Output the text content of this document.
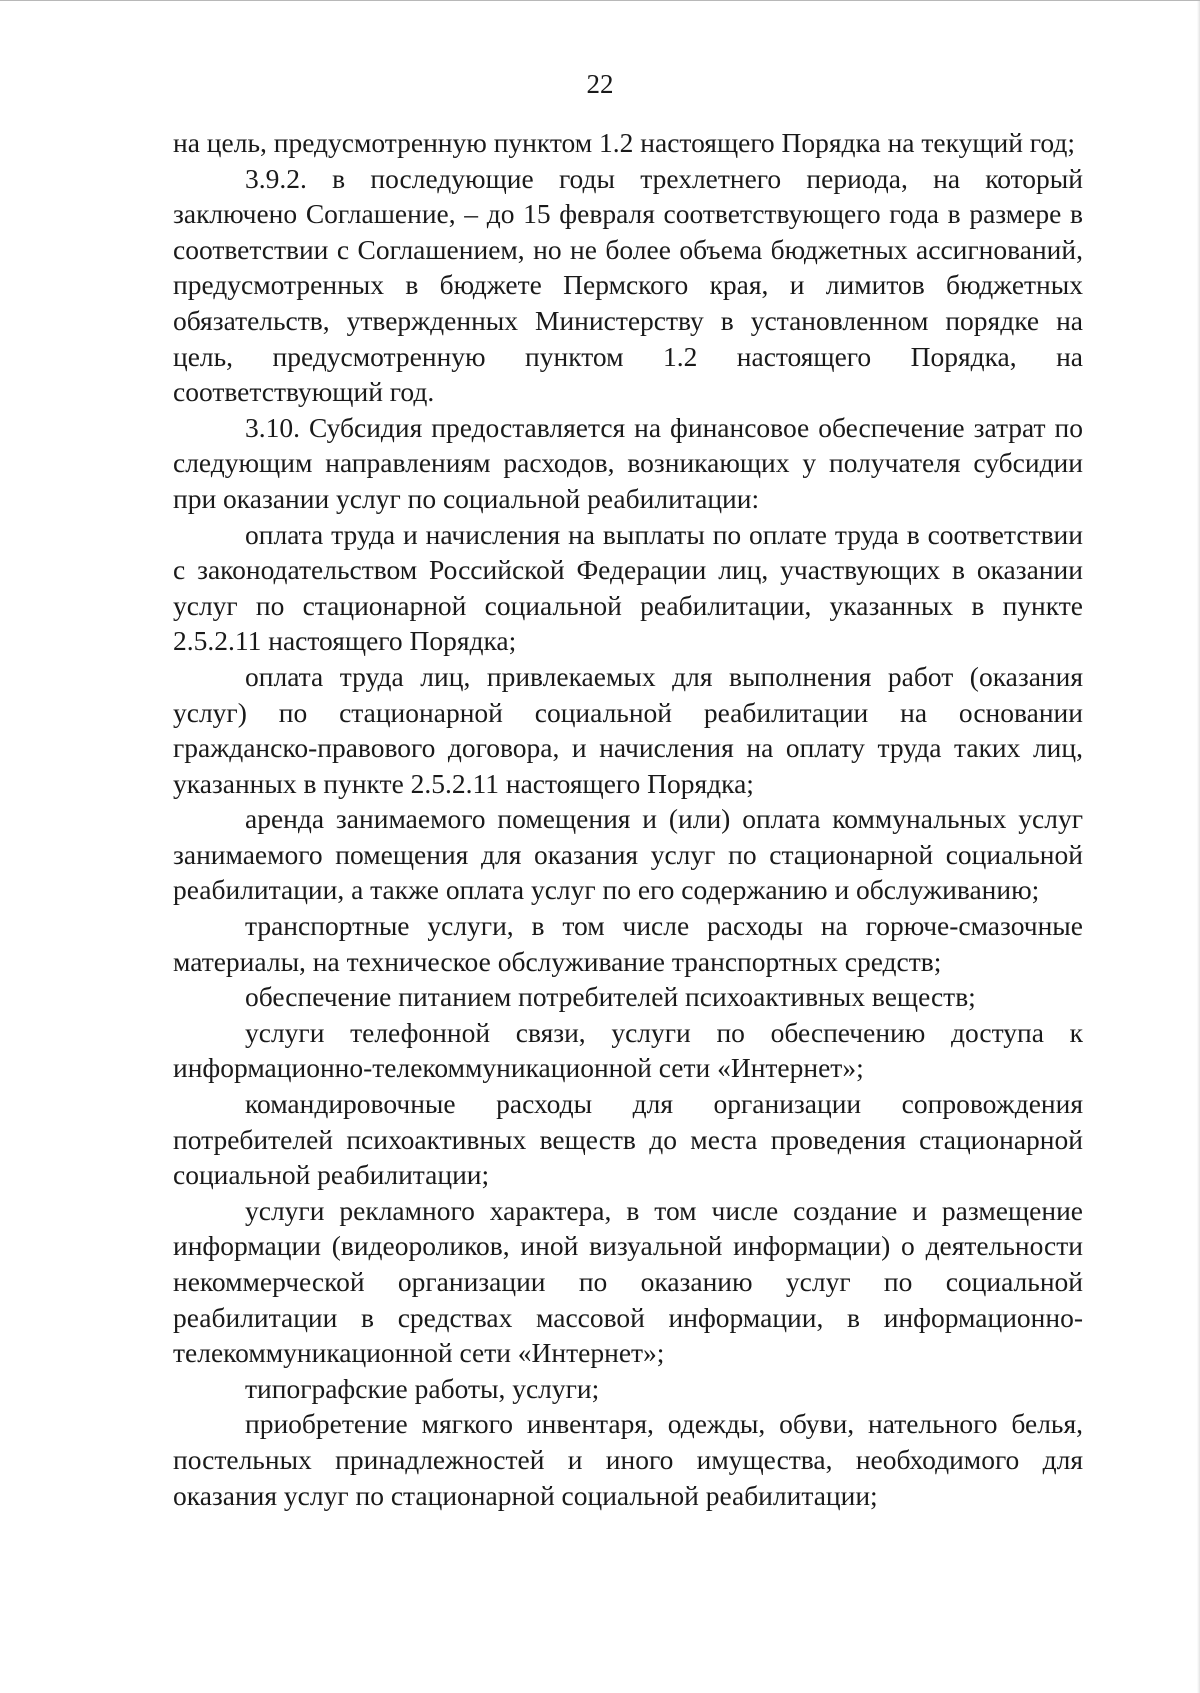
22

на цель, предусмотренную пунктом 1.2 настоящего Порядка на текущий год;

3.9.2. в последующие годы трехлетнего периода, на который заключено Соглашение, – до 15 февраля соответствующего года в размере в соответствии с Соглашением, но не более объема бюджетных ассигнований, предусмотренных в бюджете Пермского края, и лимитов бюджетных обязательств, утвержденных Министерству в установленном порядке на цель, предусмотренную пунктом 1.2 настоящего Порядка, на соответствующий год.

3.10. Субсидия предоставляется на финансовое обеспечение затрат по следующим направлениям расходов, возникающих у получателя субсидии при оказании услуг по социальной реабилитации:

оплата труда и начисления на выплаты по оплате труда в соответствии с законодательством Российской Федерации лиц, участвующих в оказании услуг по стационарной социальной реабилитации, указанных в пункте 2.5.2.11 настоящего Порядка;

оплата труда лиц, привлекаемых для выполнения работ (оказания услуг) по стационарной социальной реабилитации на основании гражданско-правового договора, и начисления на оплату труда таких лиц, указанных в пункте 2.5.2.11 настоящего Порядка;

аренда занимаемого помещения и (или) оплата коммунальных услуг занимаемого помещения для оказания услуг по стационарной социальной реабилитации, а также оплата услуг по его содержанию и обслуживанию;

транспортные услуги, в том числе расходы на горюче-смазочные материалы, на техническое обслуживание транспортных средств;

обеспечение питанием потребителей психоактивных веществ;

услуги телефонной связи, услуги по обеспечению доступа к информационно-телекоммуникационной сети «Интернет»;

командировочные расходы для организации сопровождения потребителей психоактивных веществ до места проведения стационарной социальной реабилитации;

услуги рекламного характера, в том числе создание и размещение информации (видеороликов, иной визуальной информации) о деятельности некоммерческой организации по оказанию услуг по социальной реабилитации в средствах массовой информации, в информационно-телекоммуникационной сети «Интернет»;

типографские работы, услуги;

приобретение мягкого инвентаря, одежды, обуви, нательного белья, постельных принадлежностей и иного имущества, необходимого для оказания услуг по стационарной социальной реабилитации;
